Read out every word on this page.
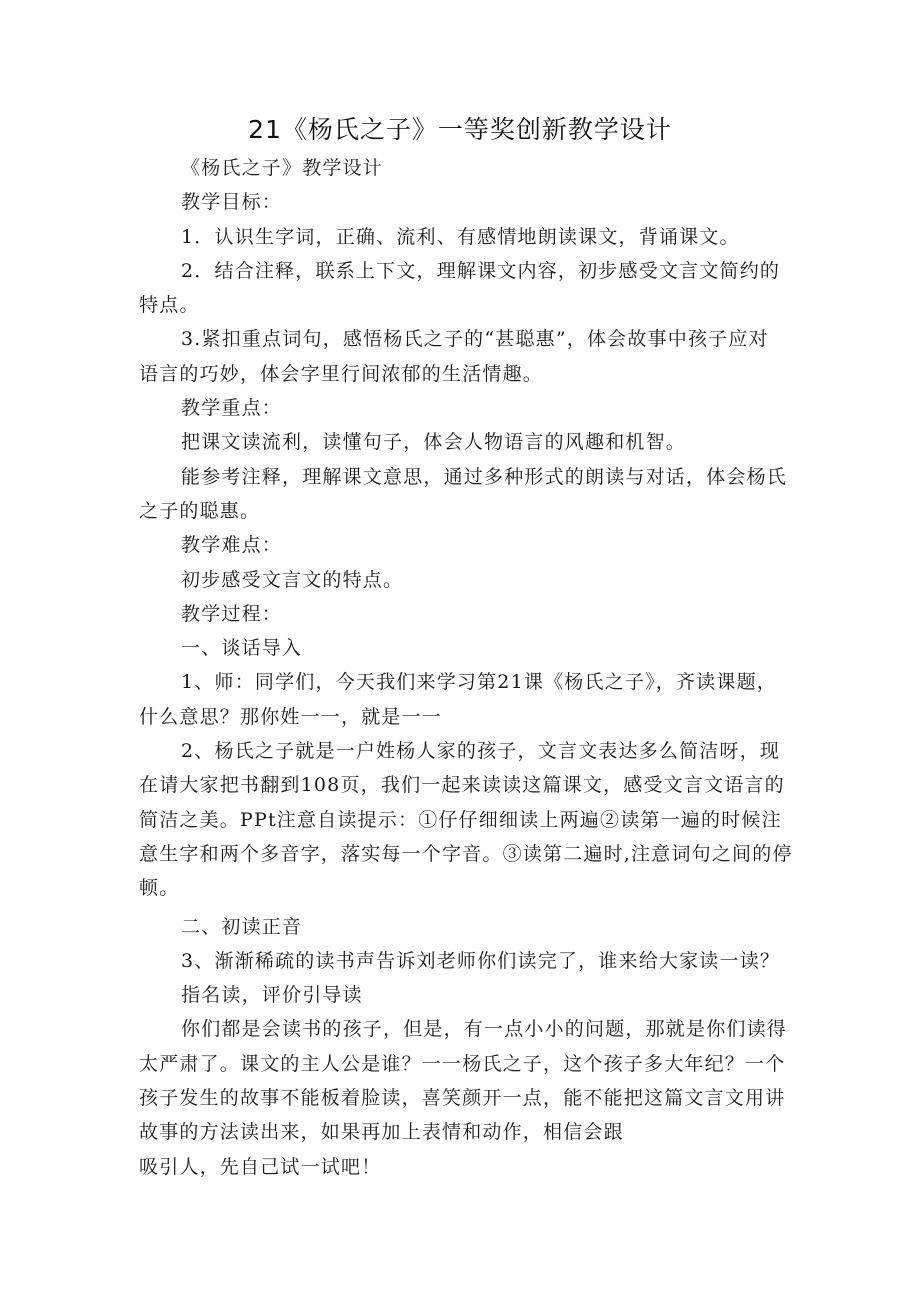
21《杨氏之子》一等奖创新教学设计

《杨氏之子》教学设计

教学目标：

1．认识生字词，正确、流利、有感情地朗读课文，背诵课文。

2．结合注释，联系上下文，理解课文内容，初步感受文言文简约的

特点。

3.紧扣重点词句，感悟杨氏之子的“甚聪惠”，体会故事中孩子应对

语言的巧妙，体会字里行间浓郁的生活情趣。

教学重点：

把课文读流利，读懂句子，体会人物语言的风趣和机智。

能参考注释，理解课文意思，通过多种形式的朗读与对话，体会杨氏

之子的聪惠。

教学难点：

初步感受文言文的特点。

教学过程：

一、谈话导入

1、师：同学们，今天我们来学习第21课《杨氏之子》，齐读课题，

什么意思？那你姓一一，就是一一

2、杨氏之子就是一户姓杨人家的孩子，文言文表达多么简洁呀，现

在请大家把书翻到108页，我们一起来读读这篇课文，感受文言文语言的

简洁之美。PPt注意自读提示：①仔仔细细读上两遍②读第一遍的时候注

意生字和两个多音字，落实每一个字音。③读第二遍时,注意词句之间的停

顿。

二、初读正音

3、渐渐稀疏的读书声告诉刘老师你们读完了，谁来给大家读一读？

指名读，评价引导读

你们都是会读书的孩子，但是，有一点小小的问题，那就是你们读得

太严肃了。课文的主人公是谁？一一杨氏之子，这个孩子多大年纪？一个

孩子发生的故事不能板着脸读，喜笑颜开一点，能不能把这篇文言文用讲

故事的方法读出来，如果再加上表情和动作，相信会跟

吸引人，先自己试一试吧！
